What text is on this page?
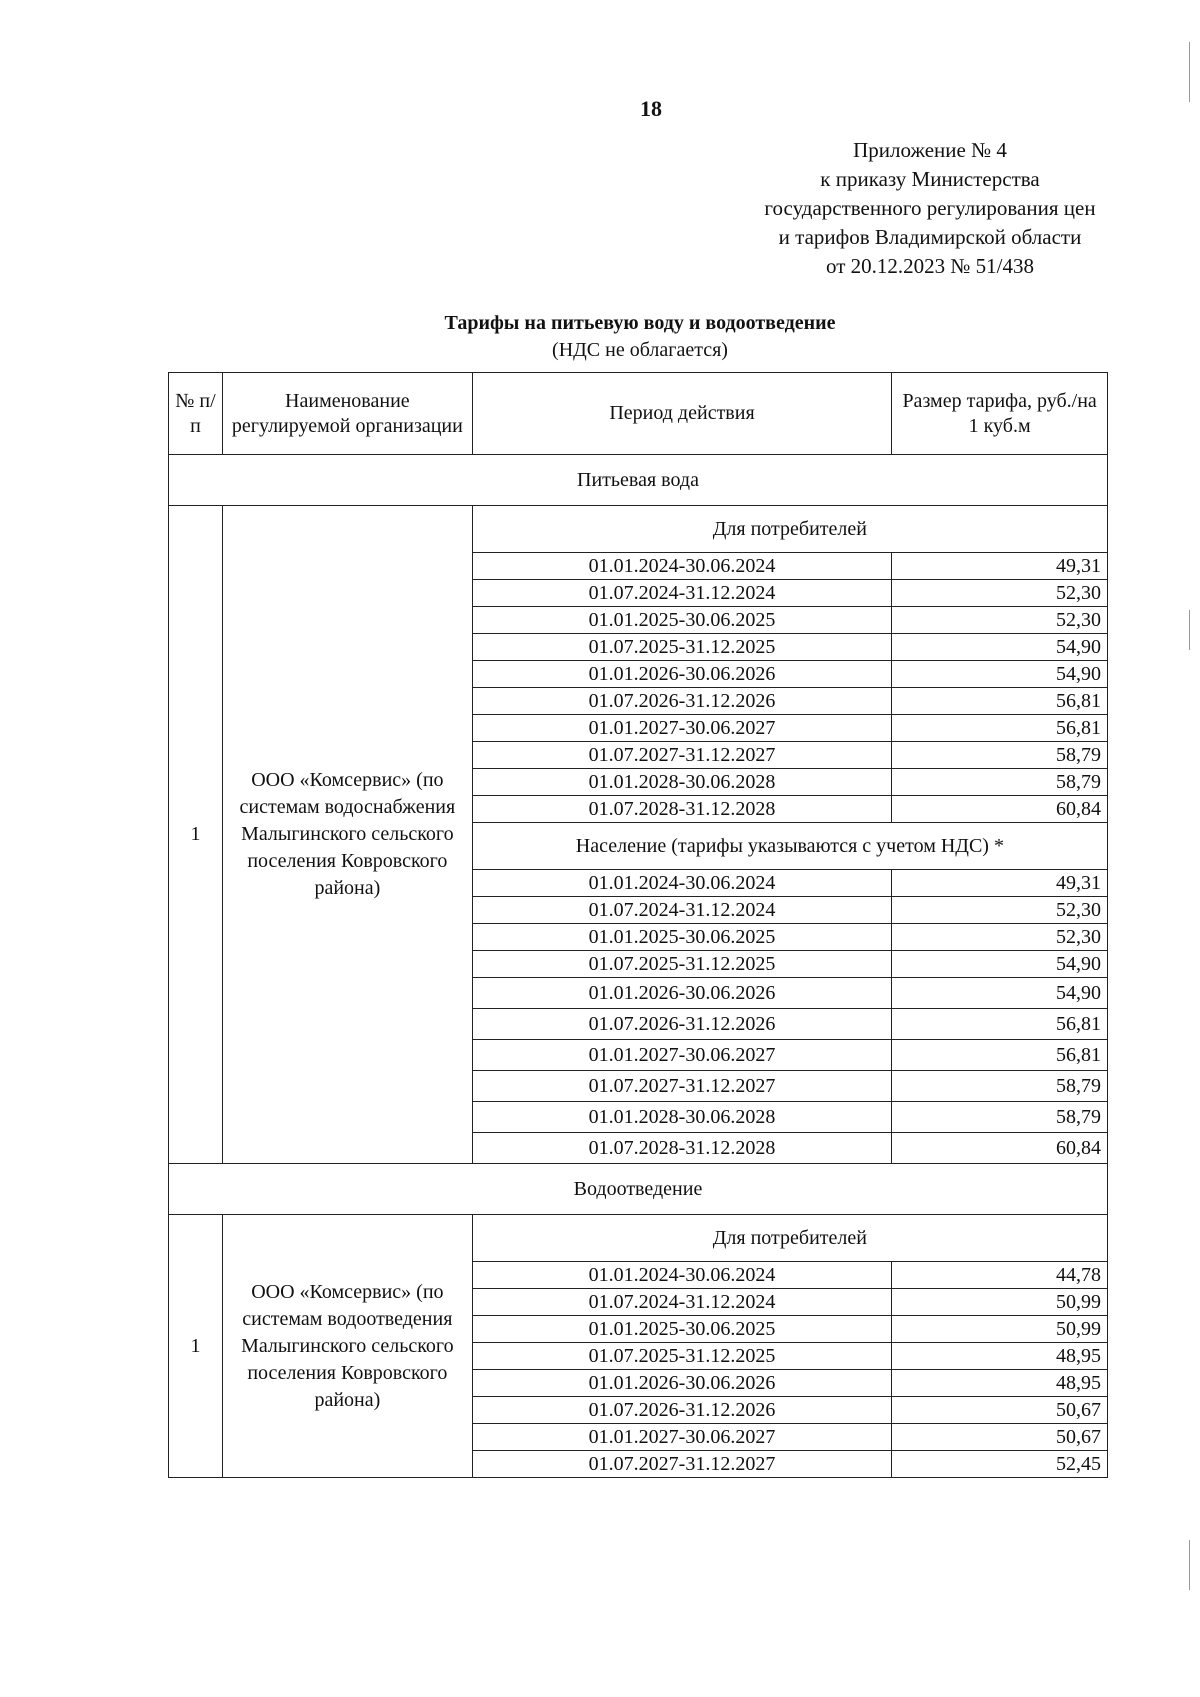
18
Приложение № 4
к приказу Министерства
государственного регулирования цен
и тарифов Владимирской области
от 20.12.2023 № 51/438
Тарифы на питьевую воду и водоотведение
(НДС не облагается)
№ п/п	Наименование регулируемой организации	Период действия	Размер тарифа, руб./на 1 куб.м
Питьевая вода			
1	ООО «Комсервис» (по системам водоснабжения Малыгинского сельского поселения Ковровского района)	Для потребителей	
		01.01.2024-30.06.2024	49,31
		01.07.2024-31.12.2024	52,30
		01.01.2025-30.06.2025	52,30
		01.07.2025-31.12.2025	54,90
		01.01.2026-30.06.2026	54,90
		01.07.2026-31.12.2026	56,81
		01.01.2027-30.06.2027	56,81
		01.07.2027-31.12.2027	58,79
		01.01.2028-30.06.2028	58,79
		01.07.2028-31.12.2028	60,84
		Население (тарифы указываются с учетом НДС) *	
		01.01.2024-30.06.2024	49,31
		01.07.2024-31.12.2024	52,30
		01.01.2025-30.06.2025	52,30
		01.07.2025-31.12.2025	54,90
		01.01.2026-30.06.2026	54,90
		01.07.2026-31.12.2026	56,81
		01.01.2027-30.06.2027	56,81
		01.07.2027-31.12.2027	58,79
		01.01.2028-30.06.2028	58,79
		01.07.2028-31.12.2028	60,84
Водоотведение			
1	ООО «Комсервис» (по системам водоотведения Малыгинского сельского поселения Ковровского района)	Для потребителей	
		01.01.2024-30.06.2024	44,78
		01.07.2024-31.12.2024	50,99
		01.01.2025-30.06.2025	50,99
		01.07.2025-31.12.2025	48,95
		01.01.2026-30.06.2026	48,95
		01.07.2026-31.12.2026	50,67
		01.01.2027-30.06.2027	50,67
		01.07.2027-31.12.2027	52,45
